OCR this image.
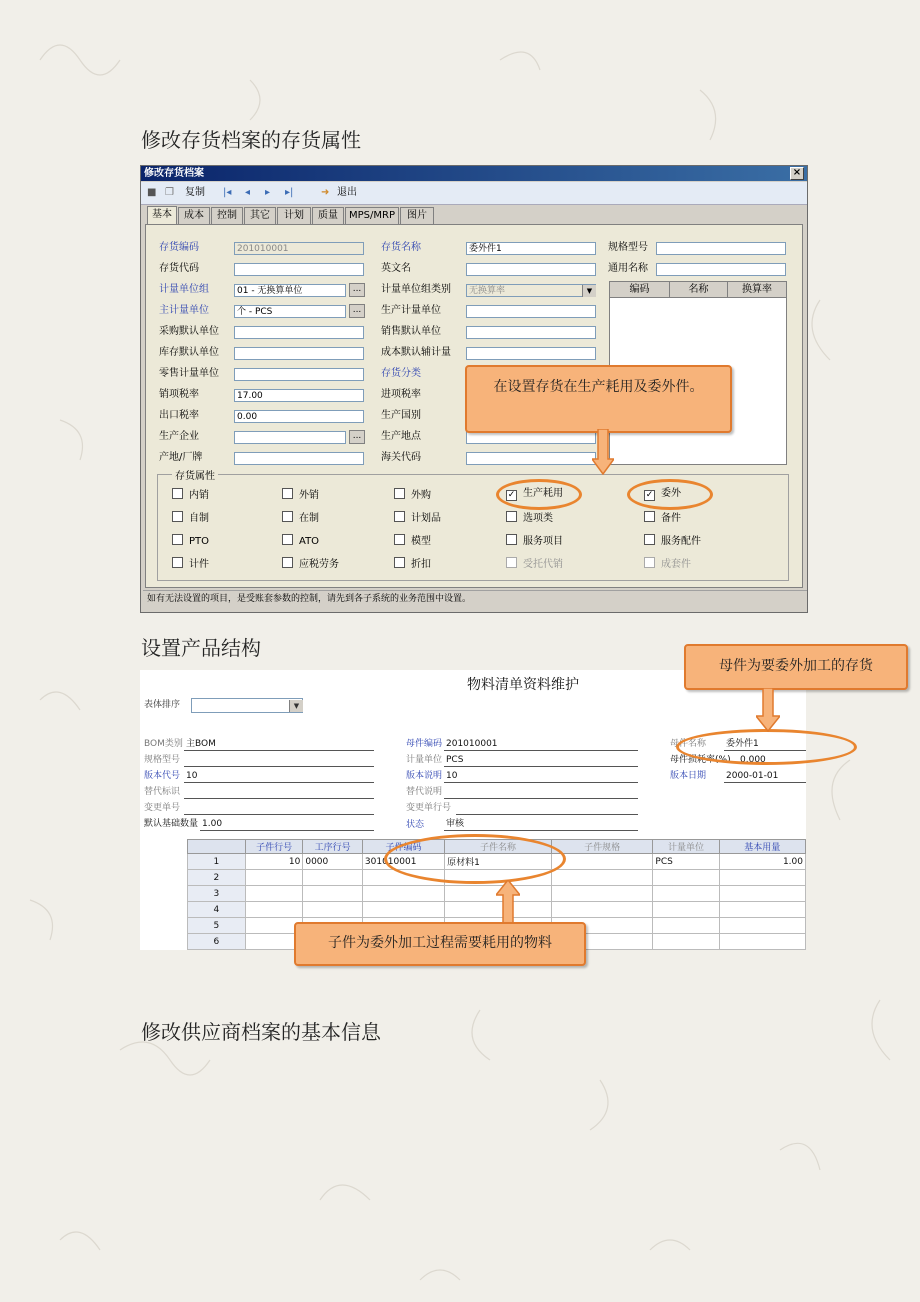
修改存货档案的存货属性
修改存货档案	×
■ ❐ 复制 |◂ ◂ ▸ ▸|	➜ 退出
基本	成本	控制	其它	计划	质量	MPS/MRP	图片
存货编码	201010001
存货代码
计量单位组	01 - 无换算单位	...
主计量单位	个 - PCS	...
采购默认单位
库存默认单位
零售计量单位
销项税率	17.00
出口税率	0.00
生产企业	...
产地/厂牌
存货名称	委外件1
英文名
计量单位组类别	无换算率	▼
生产计量单位
销售默认单位
成本默认辅计量
存货分类
进项税率
生产国别
生产地点
海关代码
规格型号
通用名称
编码	名称	换算率
存货属性
内销	外销	外购	✓ 生产耗用	✓ 委外
自制	在制	计划品	选项类	备件
PTO	ATO	模型	服务项目	服务配件
计件	应税劳务	折扣	受托代销	成套件
如有无法设置的项目，是受账套参数的控制，请先到各子系统的业务范围中设置。
在设置存货在生产耗用及委外件。
设置产品结构
物料清单资料维护
表体排序	▼
BOM类别 主BOM
规格型号
版本代号 10
替代标识
变更单号
默认基础数量 1.00
母件编码 201010001
计量单位 PCS
版本说明 10
替代说明
变更单行号
状态 审核
母件名称 委外件1
母件损耗率(%) 0.000
版本日期 2000-01-01
	子件行号	工序行号	子件编码	子件名称	子件规格	计量单位	基本用量
1	10	0000	301010001	原材料1		PCS	1.00
2							
3							
4							
5							
6							
母件为要委外加工的存货
子件为委外加工过程需要耗用的物料
修改供应商档案的基本信息
